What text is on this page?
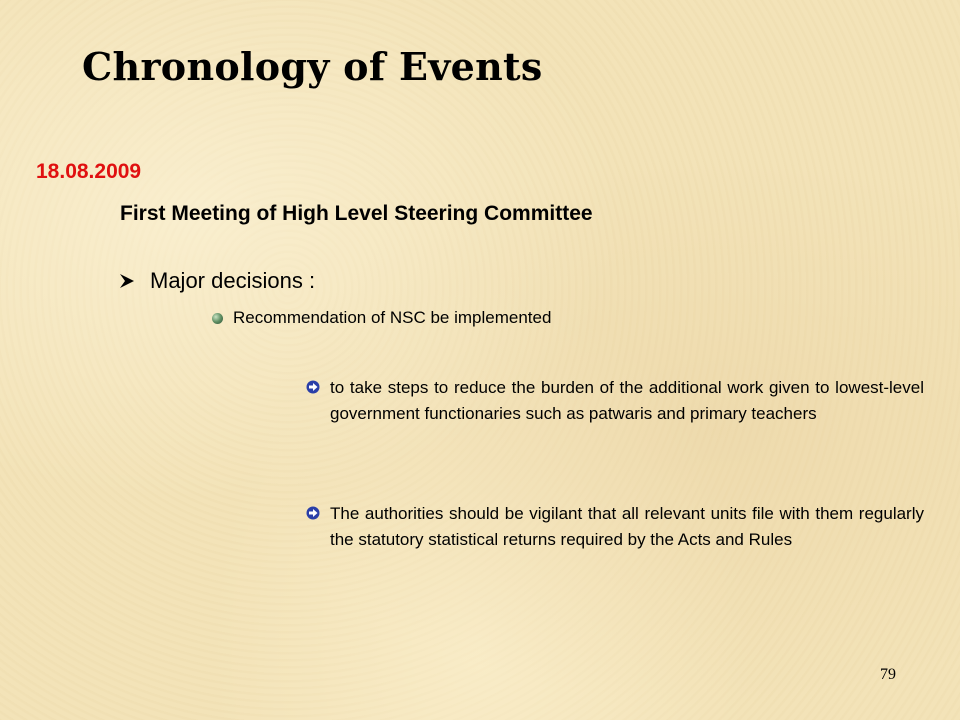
Chronology of Events
18.08.2009
First Meeting of High Level Steering Committee
Major decisions :
Recommendation of NSC be implemented
to take steps to reduce the burden of the additional work given to lowest-level government functionaries such as patwaris and primary teachers
The authorities should be vigilant that all relevant units file with them regularly the statutory statistical returns required by the Acts and Rules
79
